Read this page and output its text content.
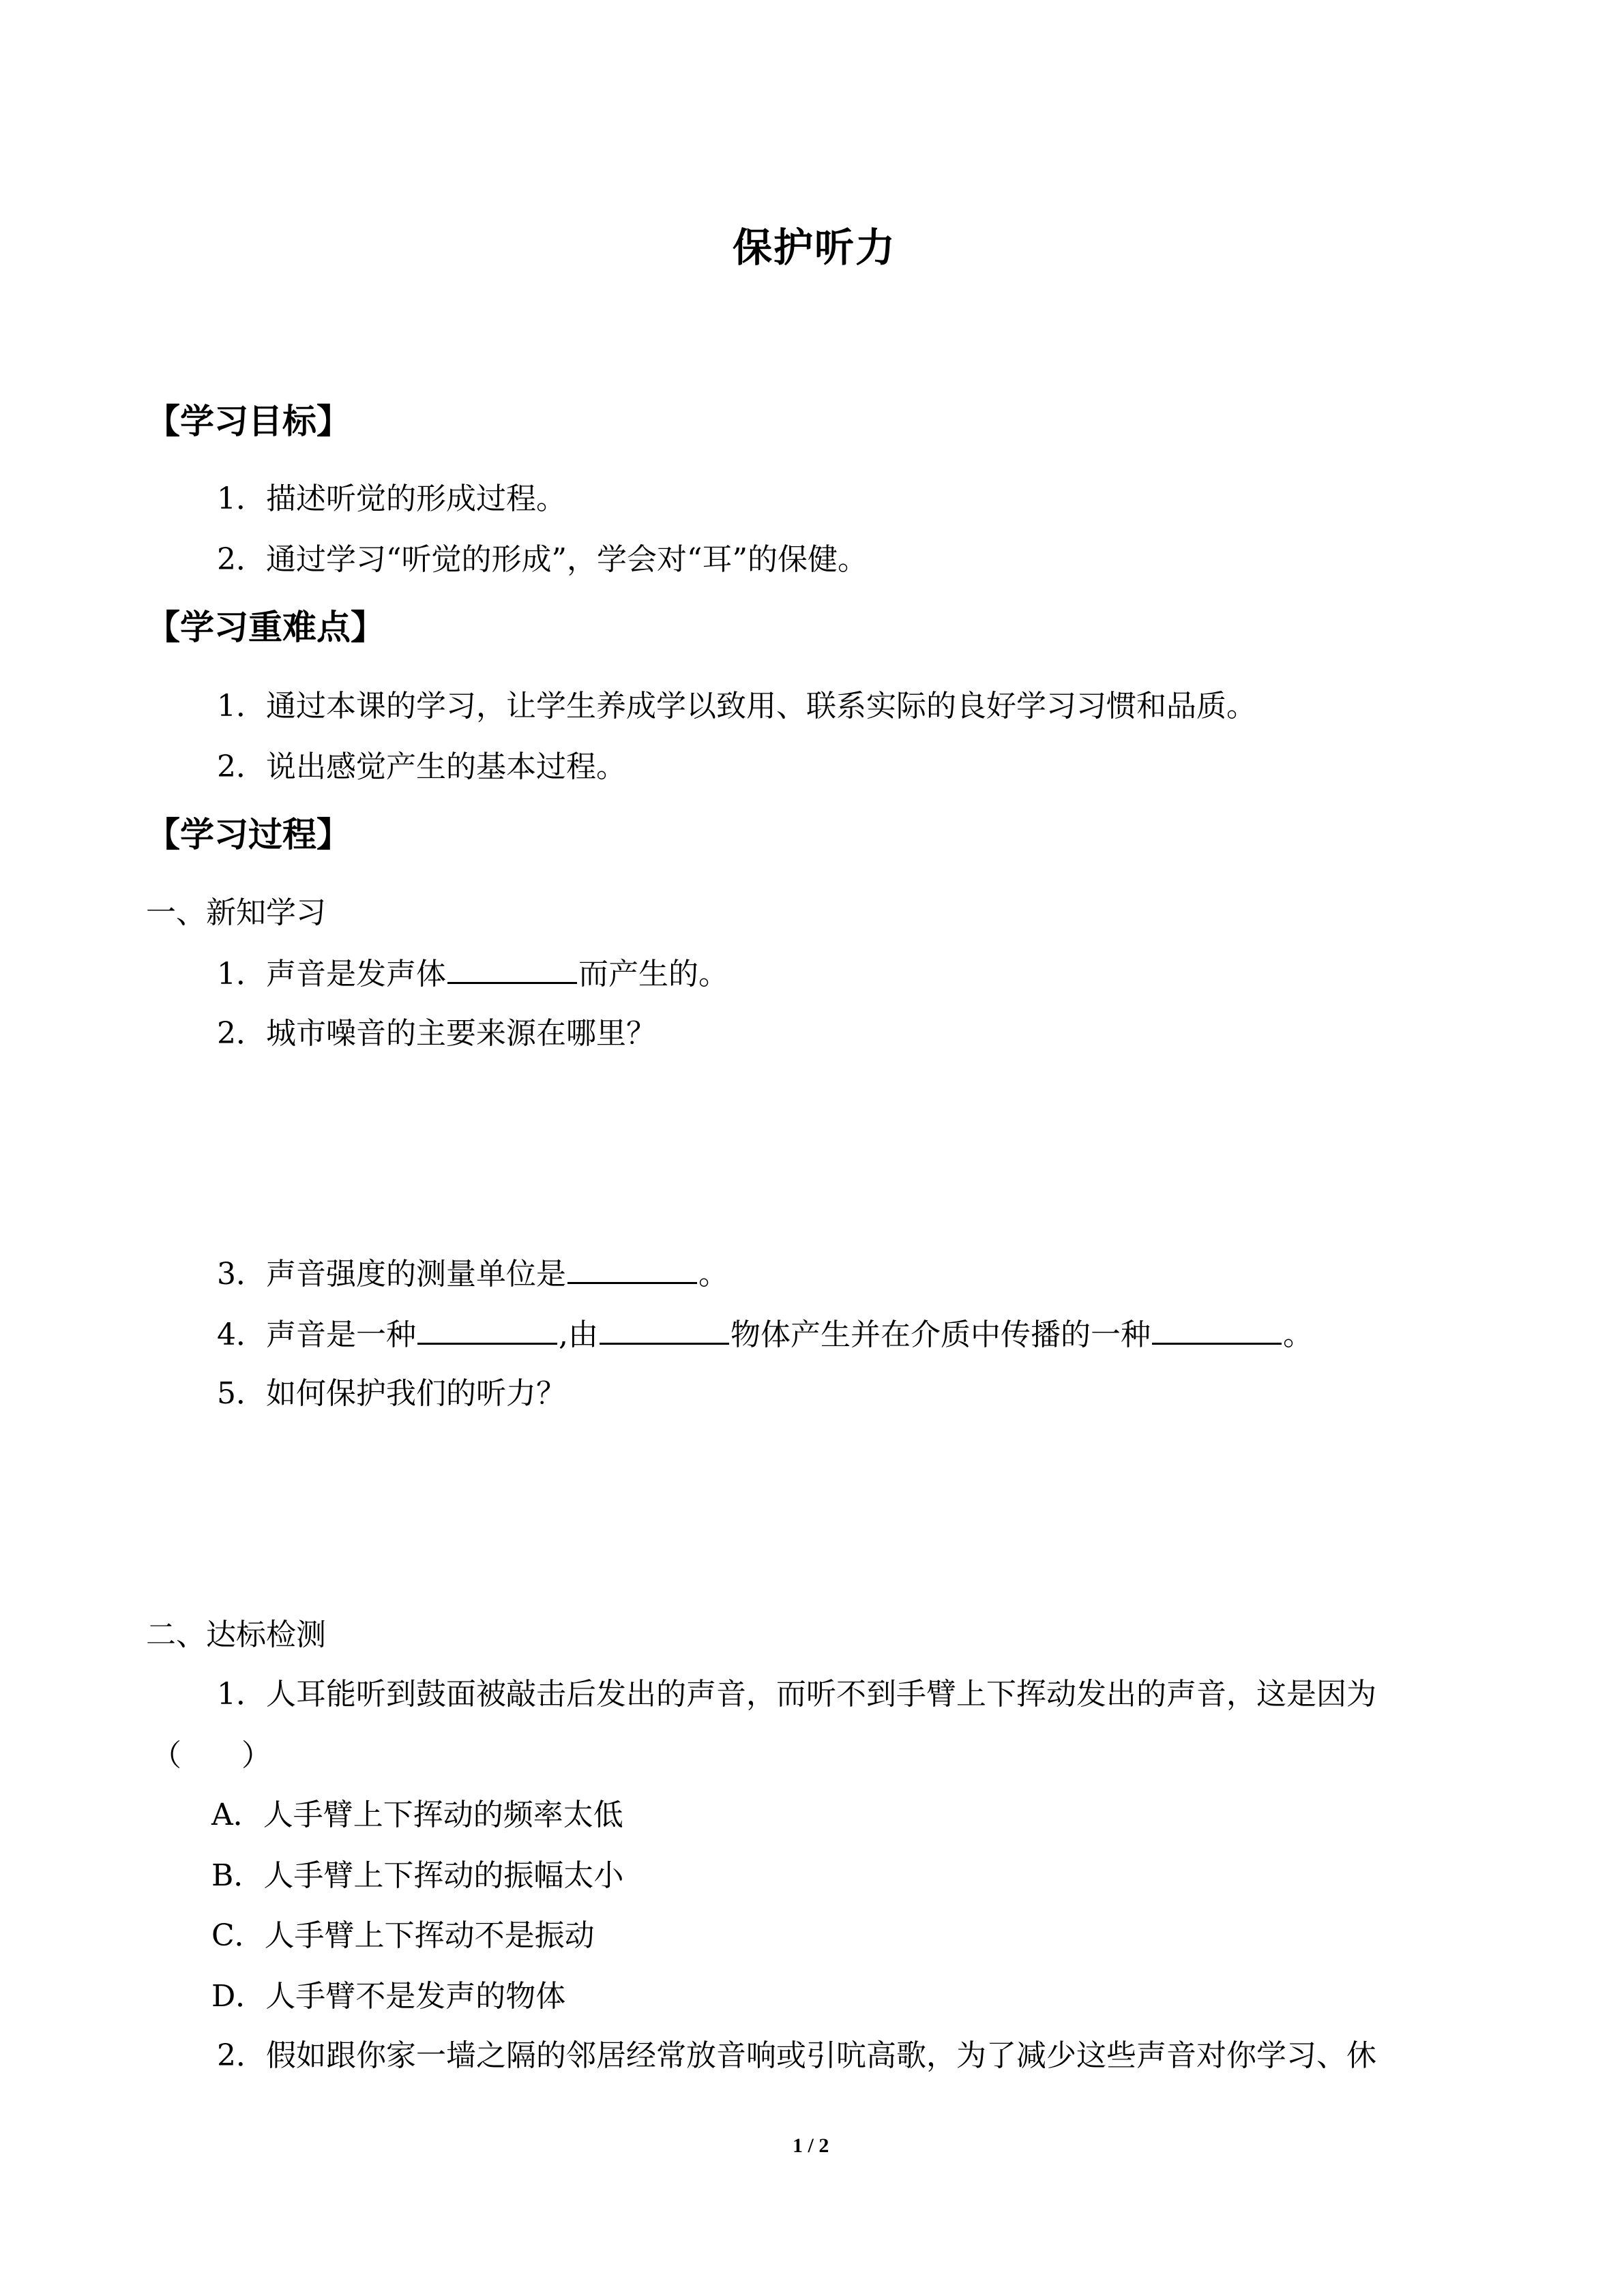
保护听力
【学习目标】
1．描述听觉的形成过程。
2．通过学习“听觉的形成”，学会对“耳”的保健。
【学习重难点】
1．通过本课的学习，让学生养成学以致用、联系实际的良好学习习惯和品质。
2．说出感觉产生的基本过程。
【学习过程】
一、新知学习
1．声音是发声体	而产生的。
2．城市噪音的主要来源在哪里？
3．声音强度的测量单位是	。
4．声音是一种	,由	物体产生并在介质中传播的一种	。
5．如何保护我们的听力？
二、达标检测
1．人耳能听到鼓面被敲击后发出的声音，而听不到手臂上下挥动发出的声音，这是因为
（　　）
A．人手臂上下挥动的频率太低
B．人手臂上下挥动的振幅太小
C．人手臂上下挥动不是振动
D．人手臂不是发声的物体
2．假如跟你家一墙之隔的邻居经常放音响或引吭高歌，为了减少这些声音对你学习、休
1 / 2
